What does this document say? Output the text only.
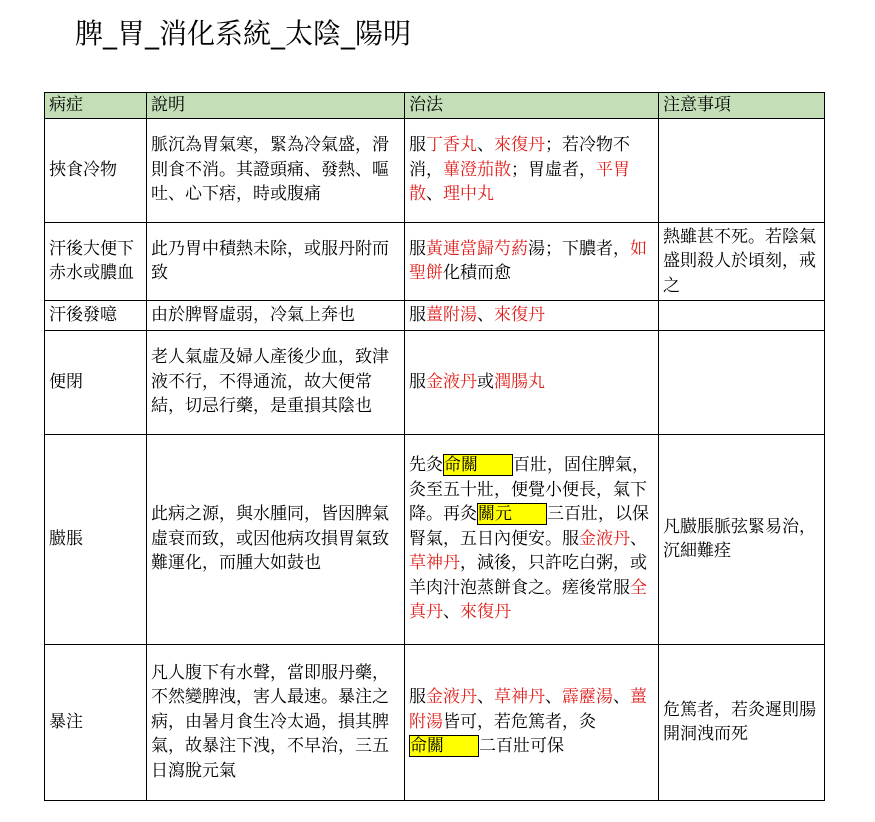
脾_胃_消化系統_太陰_陽明
病症	說明	治法	注意事項
挾食冷物	脈沉為胃氣寒，緊為冷氣盛，滑則食不消。其證頭痛、發熱、嘔吐、心下痞，時或腹痛	服丁香丸、來復丹；若冷物不消，蓽澄茄散；胃虛者，平胃散、理中丸	
汗後大便下赤水或膿血	此乃胃中積熱未除，或服丹附而致	服黃連當歸芍葯湯；下膿者，如聖餅化積而愈	熱雖甚不死。若陰氣盛則殺人於頃刻，戒之
汗後發噫	由於脾腎虛弱，冷氣上奔也	服薑附湯、來復丹	
便閉	老人氣虛及婦人產後少血，致津液不行，不得通流，故大便常結，切忌行藥，是重損其陰也	服金液丹或潤腸丸	
臌脹	此病之源，與水腫同，皆因脾氣虛衰而致，或因他病攻損胃氣致難運化，而腫大如鼓也	先灸命關　　百壯，固住脾氣，灸至五十壯，便覺小便長，氣下降。再灸關元　　三百壯，以保腎氣，五日內便安。服金液丹、草神丹，減後，只許吃白粥，或羊肉汁泡蒸餅食之。瘥後常服全真丹、來復丹	凡臌脹脈弦緊易治，沉細難痊
暴注	凡人腹下有水聲，當即服丹藥，不然變脾洩，害人最速。暴注之病，由暑月食生冷太過，損其脾氣，故暴注下洩，不早治，三五日瀉脫元氣	服金液丹、草神丹、霹靂湯、薑附湯皆可，若危篤者，灸命關　　二百壯可保	危篤者，若灸遲則腸開洞洩而死
